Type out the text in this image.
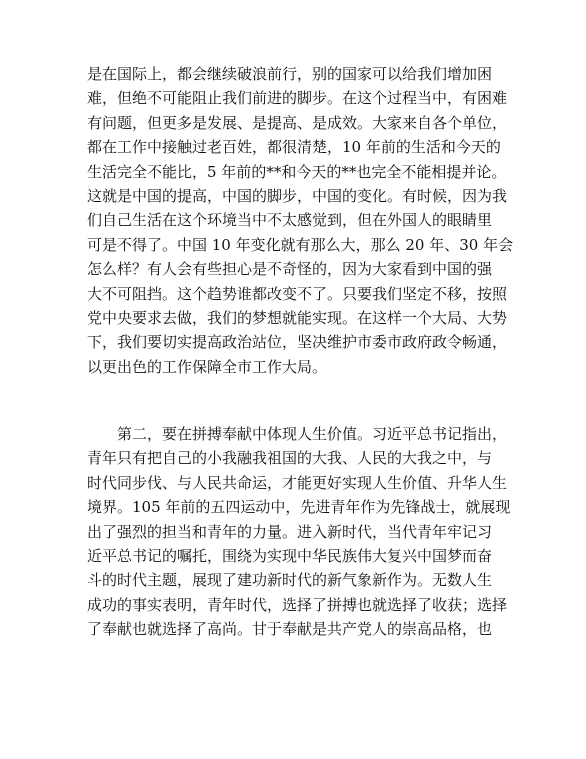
是在国际上，都会继续破浪前行，别的国家可以给我们增加困
难，但绝不可能阻止我们前进的脚步。在这个过程当中，有困难
有问题，但更多是发展、是提高、是成效。大家来自各个单位，
都在工作中接触过老百姓，都很清楚，10 年前的生活和今天的
生活完全不能比，5 年前的**和今天的**也完全不能相提并论。
这就是中国的提高，中国的脚步，中国的变化。有时候，因为我
们自己生活在这个环境当中不太感觉到，但在外国人的眼睛里
可是不得了。中国 10 年变化就有那么大，那么 20 年、30 年会
怎么样？有人会有些担心是不奇怪的，因为大家看到中国的强
大不可阻挡。这个趋势谁都改变不了。只要我们坚定不移，按照
党中央要求去做，我们的梦想就能实现。在这样一个大局、大势
下，我们要切实提高政治站位，坚决维护市委市政府政令畅通，
以更出色的工作保障全市工作大局。
　　第二，要在拼搏奉献中体现人生价值。习近平总书记指出，
青年只有把自己的小我融我祖国的大我、人民的大我之中，与
时代同步伐、与人民共命运，才能更好实现人生价值、升华人生
境界。105 年前的五四运动中，先进青年作为先锋战士，就展现
出了强烈的担当和青年的力量。进入新时代，当代青年牢记习
近平总书记的嘱托，围绕为实现中华民族伟大复兴中国梦而奋
斗的时代主题，展现了建功新时代的新气象新作为。无数人生
成功的事实表明，青年时代，选择了拼搏也就选择了收获；选择
了奉献也就选择了高尚。甘于奉献是共产党人的崇高品格，也
